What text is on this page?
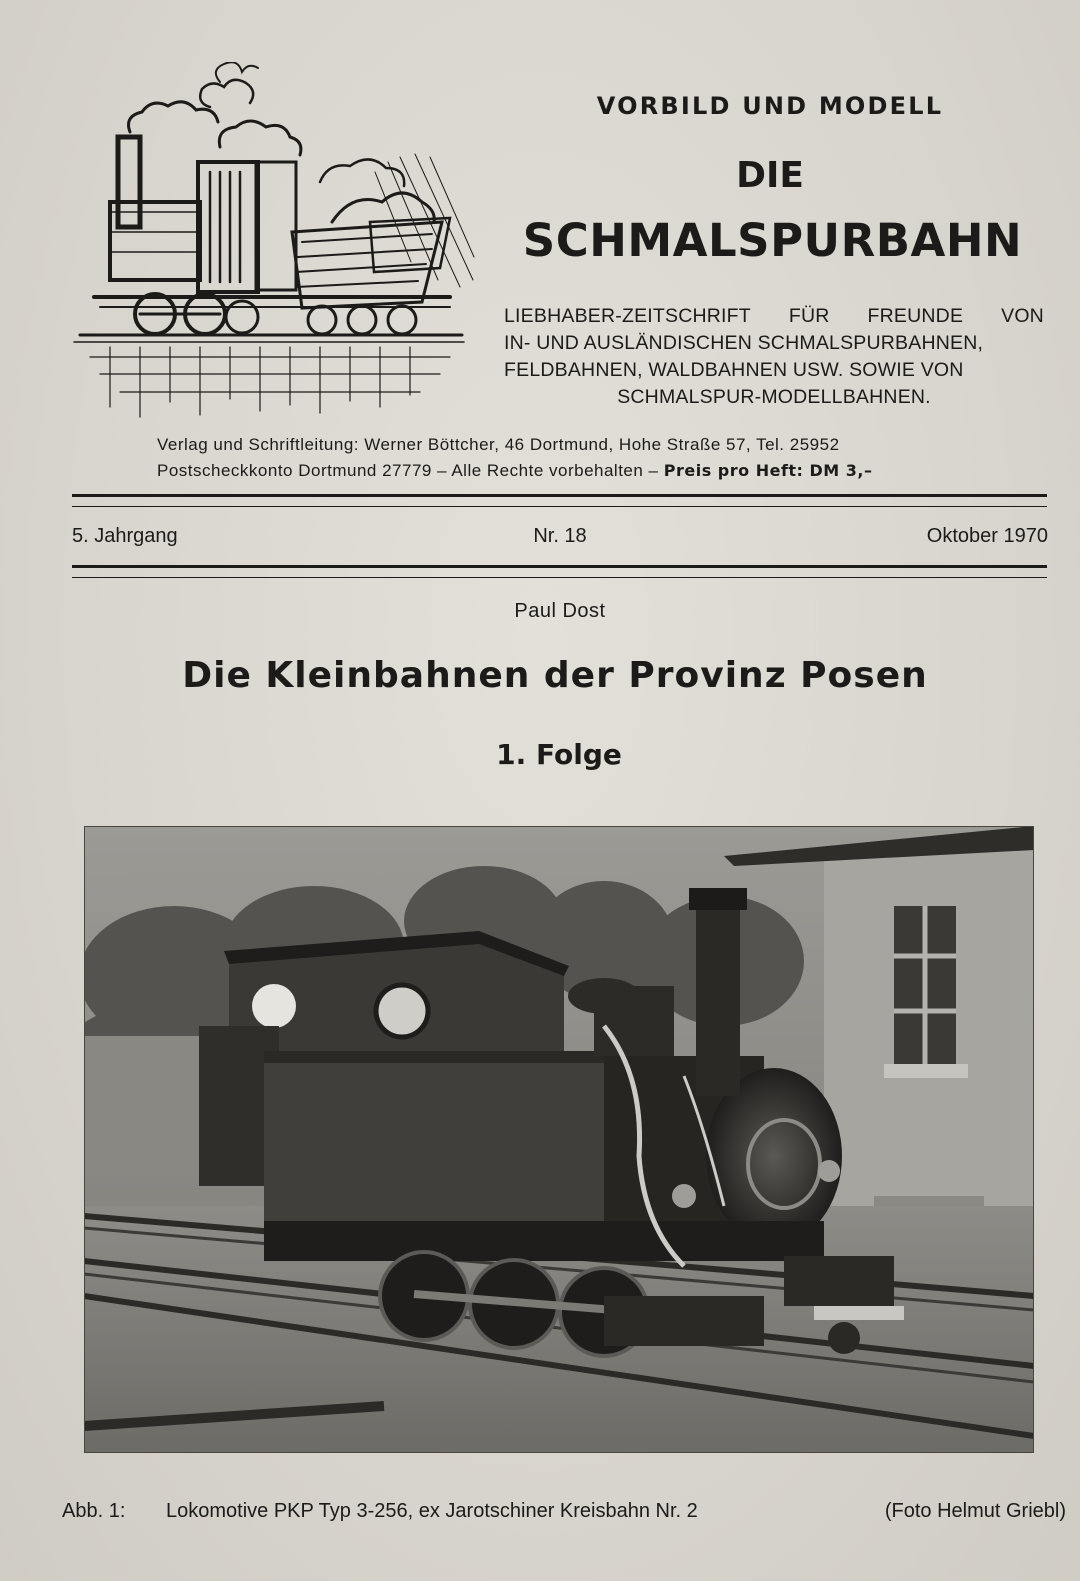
VORBILD UND MODELL
DIE
SCHMALSPURBAHN
LIEBHABER-ZEITSCHRIFT FÜR FREUNDE VON
IN- UND AUSLÄNDISCHEN SCHMALSPURBAHNEN,
FELDBAHNEN, WALDBAHNEN USW. SOWIE VON
SCHMALSPUR-MODELLBAHNEN.
Verlag und Schriftleitung: Werner Böttcher, 46 Dortmund, Hohe Straße 57, Tel. 25952
Postscheckkonto Dortmund 27779 – Alle Rechte vorbehalten – Preis pro Heft: DM 3,–
5. Jahrgang	Nr. 18	Oktober 1970
Paul Dost
Die Kleinbahnen der Provinz Posen
1. Folge
Abb. 1: Lokomotive PKP Typ 3-256, ex Jarotschiner Kreisbahn Nr. 2	(Foto Helmut Griebl)
